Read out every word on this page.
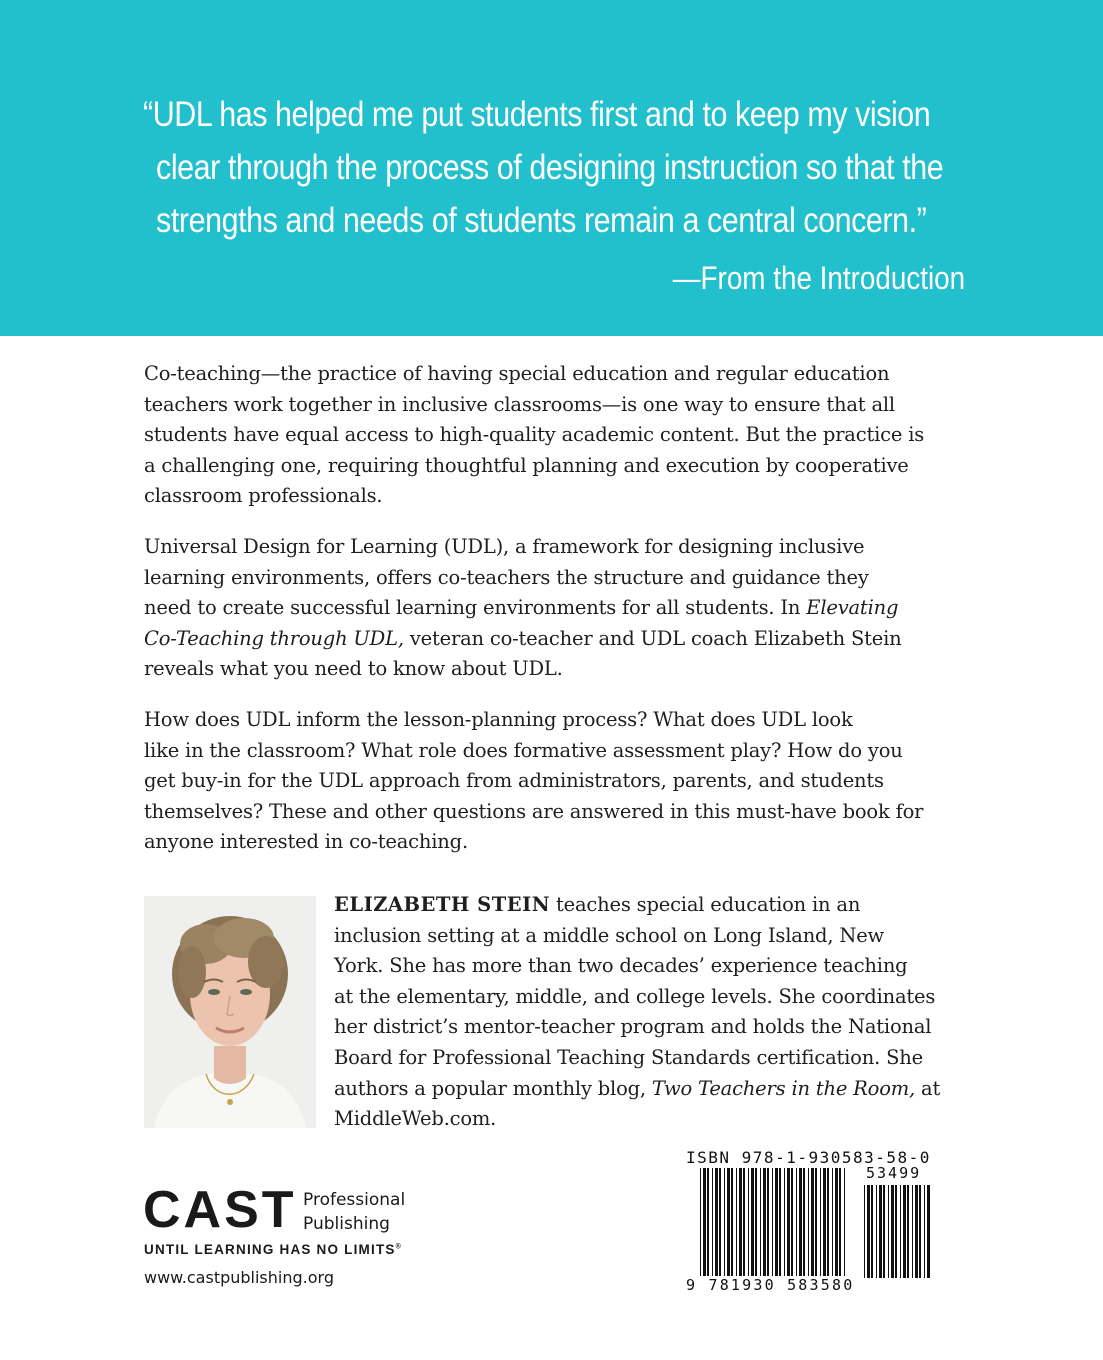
“UDL has helped me put students first and to keep my vision
clear through the process of designing instruction so that the
strengths and needs of students remain a central concern.”
—From the Introduction

Co-teaching—the practice of having special education and regular education
teachers work together in inclusive classrooms—is one way to ensure that all
students have equal access to high-quality academic content. But the practice is
a challenging one, requiring thoughtful planning and execution by cooperative
classroom professionals.

Universal Design for Learning (UDL), a framework for designing inclusive
learning environments, offers co-teachers the structure and guidance they
need to create successful learning environments for all students. In Elevating
Co-Teaching through UDL, veteran co-teacher and UDL coach Elizabeth Stein
reveals what you need to know about UDL.

How does UDL inform the lesson-planning process? What does UDL look
like in the classroom? What role does formative assessment play? How do you
get buy-in for the UDL approach from administrators, parents, and students
themselves? These and other questions are answered in this must-have book for
anyone interested in co-teaching.

ELIZABETH STEIN teaches special education in an
inclusion setting at a middle school on Long Island, New
York. She has more than two decades’ experience teaching
at the elementary, middle, and college levels. She coordinates
her district’s mentor-teacher program and holds the National
Board for Professional Teaching Standards certification. She
authors a popular monthly blog, Two Teachers in the Room, at
MiddleWeb.com.
CAST Professional
Publishing
UNTIL LEARNING HAS NO LIMITS®
www.castpublishing.org
ISBN 978-1-930583-58-0
53499
9 781930 583580
